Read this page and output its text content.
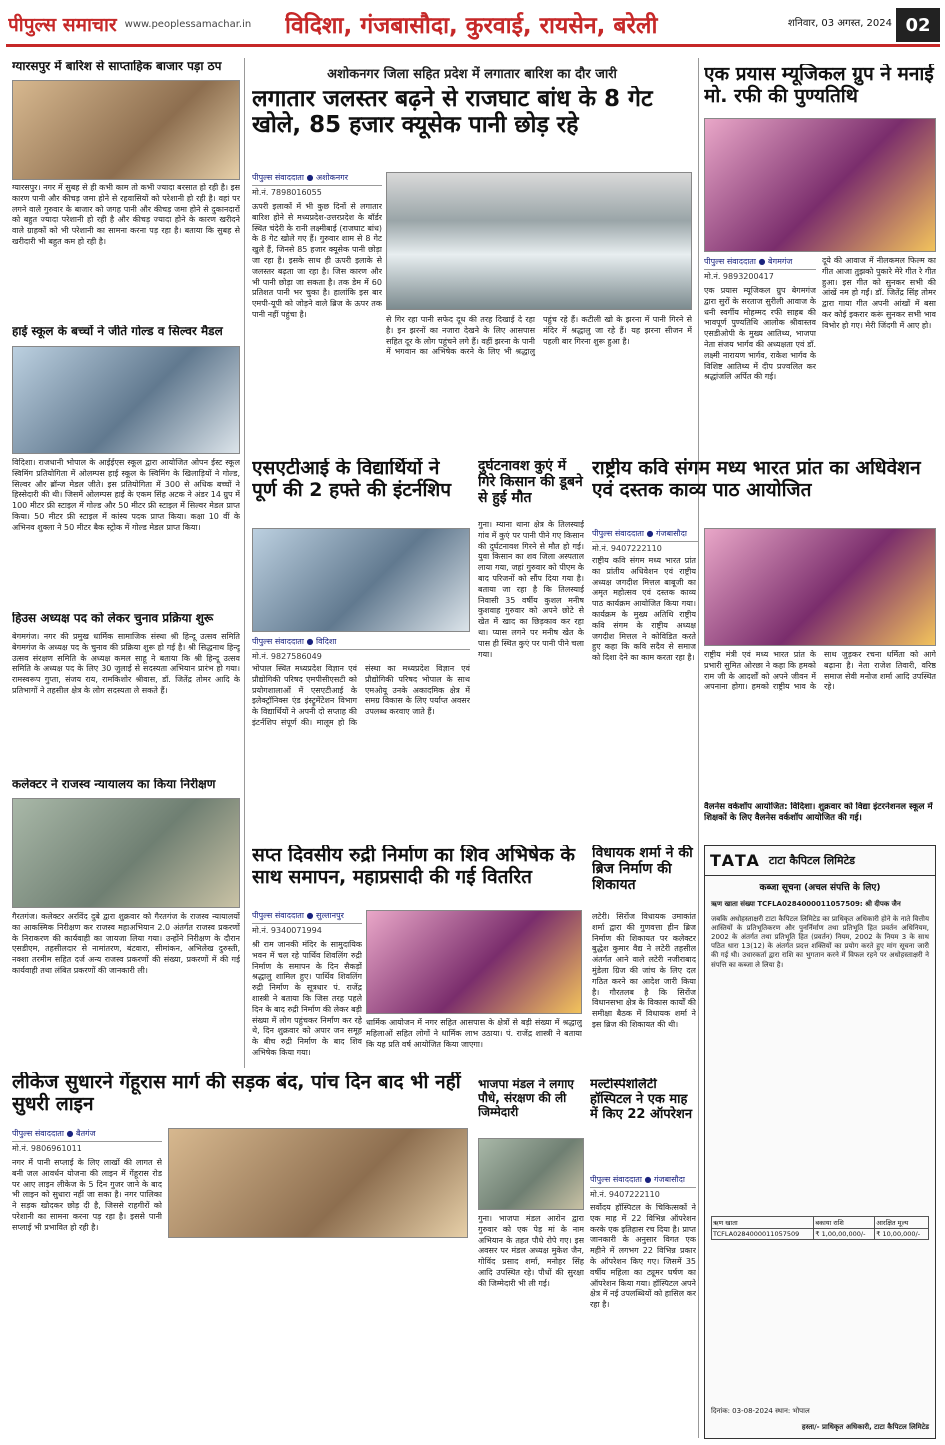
पीपुल्स समाचार www.peoplessamachar.in विदिशा, गंजबासौदा, कुरवाई, रायसेन, बरेली	शनिवार, 03 अगस्त, 2024 02
ग्यारसपुर में बारिश से साप्ताहिक बाजार पड़ा ठप
ग्यारसपुर। नगर में सुबह से ही कभी काम तो कभी ज्यादा बरसात हो रही है। इस कारण पानी और कीचड़ जमा होने से रहवासियों को परेशानी हो रही है। वहां पर लगने वाले गुरुवार के बाजार को जगह पानी और कीचड़ जमा होने से दुकानदारों को बहुत ज्यादा परेशानी हो रही है और कीचड़ ज्यादा होने के कारण खरीदने वाले ग्राहकों को भी परेशानी का सामना करना पड़ रहा है। बताया कि सुबह से खरीदारी भी बहुत कम हो रही है।
हाई स्कूल के बच्चों ने जीते गोल्ड व सिल्वर मैडल
विदिशा। राजधानी भोपाल के आईईएस स्कूल द्वारा आयोजित ओपन ईस्ट स्कूल स्विमिंग प्रतियोगिता में ओलम्पस हाई स्कूल के स्विमिंग के खिलाड़ियों ने गोल्ड, सिल्वर और ब्रॉन्ज मेडल जीते। इस प्रतियोगिता में 300 से अधिक बच्चों ने हिस्सेदारी की थी। जिसमें ओलम्पस हाई के एकम सिंह अटक ने अंडर 14 ग्रुप में 100 मीटर फ्री स्टाइल में गोल्ड और 50 मीटर फ्री स्टाइल में सिल्वर मेडल प्राप्त किया। 50 मीटर फ्री स्टाइल में कांस्य पदक प्राप्त किया। कक्षा 10 वीं के अभिनव शुक्ला ने 50 मीटर बैक स्ट्रोक में गोल्ड मेडल प्राप्त किया।
हिउस अध्यक्ष पद को लेकर चुनाव प्रक्रिया शुरू
बेगमगंज। नगर की प्रमुख धार्मिक सामाजिक संस्था श्री हिन्दू उत्सव समिति बेगमगंज के अध्यक्ष पद के चुनाव की प्रक्रिया शुरू हो गई है। श्री सिद्धनाथ हिन्दू उत्सव संरक्षण समिति के अध्यक्ष कमल साहू ने बताया कि श्री हिन्दू उत्सव समिति के अध्यक्ष पद के लिए 30 जुलाई से सदस्यता अभियान प्रारंभ हो गया। रामस्वरूप गुप्ता, संजय राय, रामकिशोर श्रीवास, डॉ. जितेंद्र तोमर आदि के प्रतिभागों ने तहसील क्षेत्र के लोग सदस्यता ले सकते हैं।
कलेक्टर ने राजस्व न्यायालय का किया निरीक्षण
गैरतगंज। कलेक्टर अरविंद दुबे द्वारा शुक्रवार को गैरतगंज के राजस्व न्यायालयों का आकस्मिक निरीक्षण कर राजस्व महाअभियान 2.0 अंतर्गत राजस्व प्रकरणों के निराकरण की कार्यवाही का जायजा लिया गया। उन्होंने निरीक्षण के दौरान एसडीएम, तहसीलदार से नामांतरण, बंटवारा, सीमांकन, अभिलेख दुरुस्ती, नक्शा तरमीम सहित दर्ज अन्य राजस्व प्रकरणों की संख्या, प्रकरणों में की गई कार्यवाही तथा लंबित प्रकरणों की जानकारी ली।
लीकेज सुधारने गेंहूरास मार्ग की सड़क बंद, पांच दिन बाद भी नहीं सुधरी लाइन
पीपुल्स संवाददाता ● बैतगंज
मो.नं. 9806961011
नगर में पानी सप्लाई के लिए लाखों की लागत से बनी जल आवर्धन योजना की लाइन में गेंहूरास रोड पर आए लाइन लीकेज के 5 दिन गुजर जाने के बाद भी लाइन को सुधारा नहीं जा सका है। नगर पालिका ने सड़क खोदकर छोड़ दी है, जिससे राहगीरों को परेशानी का सामना करना पड़ रहा है। इससे पानी सप्लाई भी प्रभावित हो रही है।
अशोकनगर जिला सहित प्रदेश में लगातार बारिश का दौर जारी
लगातार जलस्तर बढ़ने से राजघाट बांध के 8 गेट खोले, 85 हजार क्यूसेक पानी छोड़ रहे
पीपुल्स संवाददाता ● अशोकनगर
मो.नं. 7898016055
ऊपरी इलाकों में भी कुछ दिनों से लगातार बारिश होने से मध्यप्रदेश-उत्तरप्रदेश के बॉर्डर स्थित चंदेरी के रानी लक्ष्मीबाई (राजघाट बांध) के 8 गेट खोले गए हैं। गुरुवार शाम से 8 गेट खुले हैं, जिनसे 85 हजार क्यूसेक पानी छोड़ा जा रहा है। इसके साथ ही ऊपरी इलाके से जलस्तर बढ़ता जा रहा है। जिस कारण और भी पानी छोड़ा जा सकता है। तक डेम में 60 प्रतिशत पानी भर चुका है। हालांकि इस बार एमपी-यूपी को जोड़ने वाले ब्रिज के ऊपर तक पानी नहीं पहुंचा है।
से गिर रहा पानी सफेद दूध की तरह दिखाई दे रहा है। इन झरनों का नजारा देखने के लिए आसपास सहित दूर के लोग पहुंचने लगे हैं। वहीं झरना के पानी में भगवान का अभिषेक करने के लिए भी श्रद्धालु पहुंच रहे हैं। कटीली खो के झरना में पानी गिरने से मंदिर में श्रद्धालु जा रहे हैं। यह झरना सीजन में पहली बार गिरना शुरू हुआ है।
एसएटीआई के विद्यार्थियों ने पूर्ण की 2 हफ्ते की इंटर्नशिप
पीपुल्स संवाददाता ● विदिशा
मो.नं. 9827586049
भोपाल स्थित मध्यप्रदेश विज्ञान एवं प्रौद्योगिकी परिषद एमपीसीएसटी को प्रयोगशालाओं में एसएटीआई के इलेक्ट्रॉनिक्स एंड इंस्ट्रूमेंटेशन विभाग के विद्यार्थियों ने अपनी दो सप्ताह की इंटर्नशिप संपूर्ण की। मालूम हो कि संस्था का मध्यप्रदेश विज्ञान एवं प्रौद्योगिकी परिषद भोपाल के साथ एमओयू उनके अकादमिक क्षेत्र में समग्र विकास के लिए पर्याप्त अवसर उपलब्ध करवाए जाते हैं।
दुर्घटनावश कुएं में गिरे किसान की डूबने से हुई मौत
गुना। म्याना थाना क्षेत्र के तिलस्याई गांव में कुएं पर पानी पीने गए किसान की दुर्घटनावश गिरने से मौत हो गई। युवा किसान का शव जिला अस्पताल लाया गया, जहां गुरुवार को पीएम के बाद परिजनों को सौंप दिया गया है। बताया जा रहा है कि तिलस्याई निवासी 35 वर्षीय कुशल मनीष कुशवाह गुरुवार को अपने छोटे से खेत में खाद का छिड़काव कर रहा था। प्यास लगने पर मनीष खेत के पास ही स्थित कुएं पर पानी पीने चला गया।
सप्त दिवसीय रुद्री निर्माण का शिव अभिषेक के साथ समापन, महाप्रसादी की गई वितरित
पीपुल्स संवाददाता ● सुल्तानपुर
मो.नं. 9340071994
श्री राम जानकी मंदिर के सामुदायिक भवन में चल रहे पार्थिव शिवलिंग रुद्री निर्माण के समापन के दिन सैकड़ों श्रद्धालु शामिल हुए। पार्थिव शिवलिंग रुद्री निर्माण के सूत्रधार पं. राजेंद्र शास्त्री ने बताया कि जिस तरह पहले दिन के बाद रुद्री निर्माण की लेकर बड़ी संख्या में लोग पहुंचकर निर्माण कर रहे थे, दिन शुक्रवार को अपार जन समूह के बीच रुद्री निर्माण के बाद शिव अभिषेक किया गया।
धार्मिक आयोजन में नगर सहित आसपास के क्षेत्रों से बड़ी संख्या में श्रद्धालु महिलाओं सहित लोगों ने धार्मिक लाभ उठाया। पं. राजेंद्र शास्त्री ने बताया कि यह प्रति वर्ष आयोजित किया जाएगा।
भाजपा मंडल ने लगाए पौधे, संरक्षण की ली जिम्मेदारी
गुना। भाजपा मंडल आरोन द्वारा गुरुवार को एक पेड़ मां के नाम अभियान के तहत पौधे रोपे गए। इस अवसर पर मंडल अध्यक्ष मुकेश जैन, गोविंद प्रसाद शर्मा, मनोहर सिंह आदि उपस्थित रहे। पौधों की सुरक्षा की जिम्मेदारी भी ली गई।
एक प्रयास म्यूजिकल ग्रुप ने मनाई मो. रफी की पुण्यतिथि
पीपुल्स संवाददाता ● बेगमगंज
मो.नं. 9893200417
एक प्रयास म्यूजिकल ग्रुप बेगमगंज द्वारा सुरों के सरताज सुरीली आवाज के धनी स्वर्गीय मोहम्मद रफी साहब की भावपूर्ण पुण्यतिथि आलोक श्रीवास्तव एसडीओपी के मुख्य आतिथ्य, भाजपा नेता संजय भार्गव की अध्यक्षता एवं डॉ. लक्ष्मी नारायण भार्गव, राकेश भार्गव के विशिष्ट आतिथ्य में दीप प्रज्वलित कर श्रद्धांजलि अर्पित की गई।
दूये की आवाज में नीलकमल फिल्म का गीत आजा तुझको पुकारे मेरे गीत रे गीत हुआ। इस गीत को सुनकर सभी की आंखें नम हो गईं। डॉ. जितेंद्र सिंह तोमर द्वारा गाया गीत अपनी आंखों में बसा कर कोई इकरार करूं सुनकर सभी भाव विभोर हो गए। मेरी जिंदगी में आए हो।
राष्ट्रीय कवि संगम मध्य भारत प्रांत का अधिवेशन एवं दस्तक काव्य पाठ आयोजित
पीपुल्स संवाददाता ● गंजबासौदा
मो.नं. 9407222110
राष्ट्रीय कवि संगम मध्य भारत प्रांत का प्रांतीय अधिवेशन एवं राष्ट्रीय अध्यक्ष जगदीश मित्तल बाबूजी का अमृत महोत्सव एवं दस्तक काव्य पाठ कार्यक्रम आयोजित किया गया। कार्यक्रम के मुख्य अतिथि राष्ट्रीय कवि संगम के राष्ट्रीय अध्यक्ष जगदीश मित्तल ने कोविडित करते हुए कहा कि कवि सदैव से समाज को दिशा देने का काम करता रहा है। राष्ट्रीय मंत्री एवं मध्य भारत प्रांत के प्रभारी सुमित ओरछा ने कहा कि हमको राम जी के आदर्शों को अपने जीवन में अपनाना होगा। हमको राष्ट्रीय भाव के साथ जुड़कर रचना धर्मिता को आगे बढ़ाना है। नेता राजेश तिवारी, वरिष्ठ समाज सेवी मनोज शर्मा आदि उपस्थित रहे।
वैलनेस वर्कशॉप आयोजित: विदिशा। शुक्रवार को विद्या इंटरनेशनल स्कूल में शिक्षकों के लिए वैलनेस वर्कशॉप आयोजित की गई।
विधायक शर्मा ने की ब्रिज निर्माण की शिकायत
लटेरी। सिरोंज विधायक उमाकांत शर्मा द्वारा की गुणवत्ता हीन ब्रिज निर्माण की शिकायत पर कलेक्टर बुद्धेश कुमार वैद्य ने लटेरी तहसील अंतर्गत आने वाले लटेरी नजीराबाद मुंडेला ग्रिज की जांच के लिए दल गठित करने का आदेश जारी किया है। गौरतलब है कि सिरोंज विधानसभा क्षेत्र के विकास कार्यों की समीक्षा बैठक में विधायक शर्मा ने इस ब्रिज की शिकायत की थी।
TATA टाटा कैपिटल लिमिटेड
कब्जा सूचना (अचल संपत्ति के लिए)
ऋण खाता संख्या TCFLA0284000011057509: श्री दीपक जैन
जबकि अधोहस्ताक्षरी टाटा कैपिटल लिमिटेड का प्राधिकृत अधिकारी होने के नाते वित्तीय आस्तियों के प्रतिभूतिकरण और पुनर्निर्माण तथा प्रतिभूति हित प्रवर्तन अधिनियम, 2002 के अंतर्गत तथा प्रतिभूति हित (प्रवर्तन) नियम, 2002 के नियम 3 के साथ पठित धारा 13(12) के अंतर्गत प्रदत्त शक्तियों का प्रयोग करते हुए मांग सूचना जारी की गई थी। उधारकर्ता द्वारा राशि का भुगतान करने में विफल रहने पर अधोहस्ताक्षरी ने संपत्ति का कब्जा ले लिया है।
ऋण खाता	बकाया राशि	आरक्षित मूल्य
TCFLA0284000011057509	₹ 1,00,00,000/-	₹ 10,00,000/-
दिनांक: 03-08-2024 स्थान: भोपाल
हस्ता/- प्राधिकृत अधिकारी, टाटा कैपिटल लिमिटेड
मल्टीस्पेशलिटी हॉस्पिटल ने एक माह में किए 22 ऑपरेशन
पीपुल्स संवाददाता ● गंजबासौदा
मो.नं. 9407222110
सर्वोदय हॉस्पिटल के चिकित्सकों ने एक माह में 22 विभिन्न ऑपरेशन करके एक इतिहास रच दिया है। प्राप्त जानकारी के अनुसार विगत एक महीने में लगभग 22 विभिन्न प्रकार के ऑपरेशन किए गए। जिसमें 35 वर्षीय महिला का ट्यूमर घर्षण का ऑपरेशन किया गया। हॉस्पिटल अपने क्षेत्र में नई उपलब्धियों को हासिल कर रहा है।
